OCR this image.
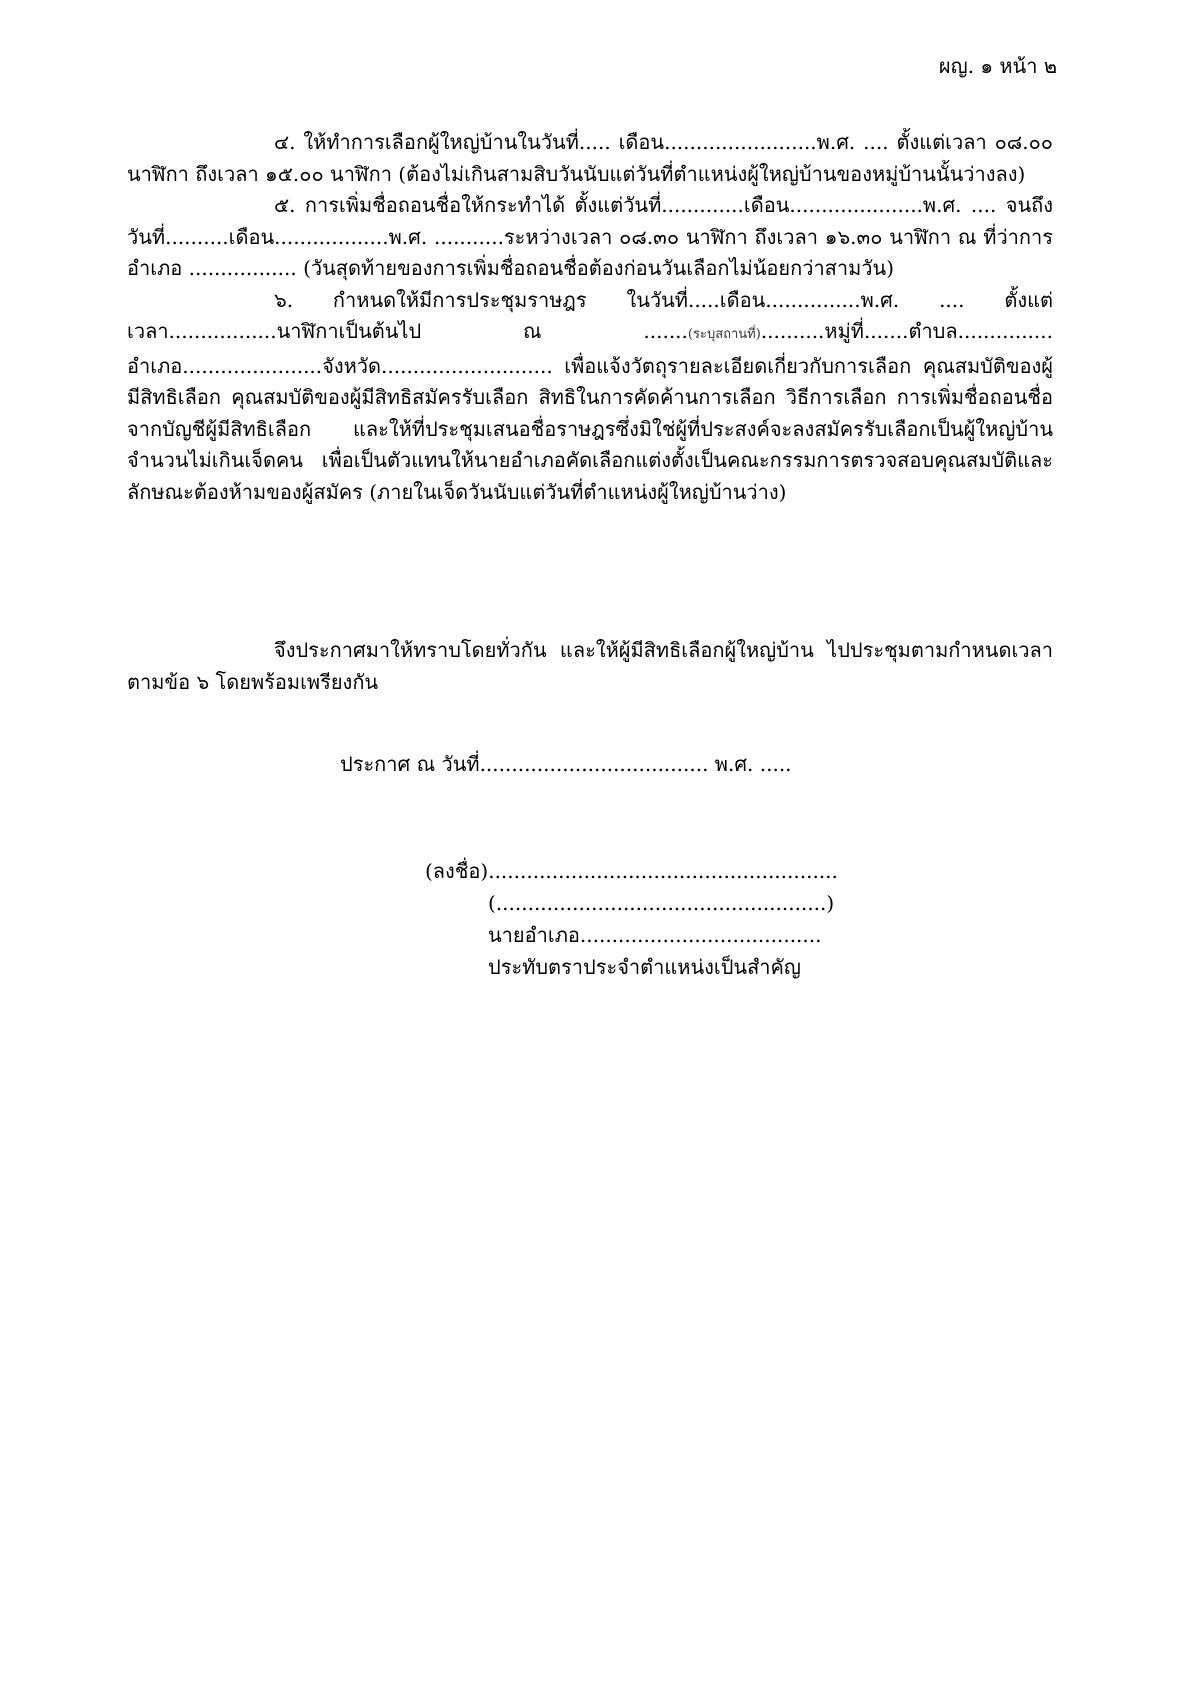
ผญ. ๑ หน้า ๒

๔. ให้ทำการเลือกผู้ใหญ่บ้านในวันที่..... เดือน........................พ.ศ. .... ตั้งแต่เวลา ๐๘.๐๐ นาฬิกา ถึงเวลา ๑๕.๐๐ นาฬิกา (ต้องไม่เกินสามสิบวันนับแต่วันที่ตำแหน่งผู้ใหญ่บ้านของหมู่บ้านนั้นว่างลง)

๕. การเพิ่มชื่อถอนชื่อให้กระทำได้ ตั้งแต่วันที่.............เดือน.....................พ.ศ. .... จนถึงวันที่..........เดือน..................พ.ศ. ...........ระหว่างเวลา ๐๘.๓๐ นาฬิกา ถึงเวลา ๑๖.๓๐ นาฬิกา ณ ที่ว่าการอำเภอ ................. (วันสุดท้ายของการเพิ่มชื่อถอนชื่อต้องก่อนวันเลือกไม่น้อยกว่าสามวัน)

๖. กำหนดให้มีการประชุมราษฎร ในวันที่.....เดือน...............พ.ศ. .... ตั้งแต่ เวลา.................นาฬิกาเป็นต้นไป ณ .......(ระบุสถานที่)..........หมู่ที่.......ตำบล............... อำเภอ......................จังหวัด........................... เพื่อแจ้งวัตถุรายละเอียดเกี่ยวกับการเลือก คุณสมบัติของผู้มีสิทธิเลือก คุณสมบัติของผู้มีสิทธิสมัครรับเลือก สิทธิในการคัดค้านการเลือก วิธีการเลือก การเพิ่มชื่อถอนชื่อจากบัญชีผู้มีสิทธิเลือก และให้ที่ประชุมเสนอชื่อราษฎรซึ่งมิใช่ผู้ที่ประสงค์จะลงสมัครรับเลือกเป็นผู้ใหญ่บ้าน จำนวนไม่เกินเจ็ดคน เพื่อเป็นตัวแทนให้นายอำเภอคัดเลือกแต่งตั้งเป็นคณะกรรมการตรวจสอบคุณสมบัติและลักษณะต้องห้ามของผู้สมัคร (ภายในเจ็ดวันนับแต่วันที่ตำแหน่งผู้ใหญ่บ้านว่าง)

จึงประกาศมาให้ทราบโดยทั่วกัน และให้ผู้มีสิทธิเลือกผู้ใหญ่บ้าน ไปประชุมตามกำหนดเวลาตามข้อ ๖ โดยพร้อมเพรียงกัน

ประกาศ ณ วันที่.................................... พ.ศ. .....
(ลงชื่อ).......................................................
(....................................................)
นายอำเภอ......................................
ประทับตราประจำตำแหน่งเป็นสำคัญ
